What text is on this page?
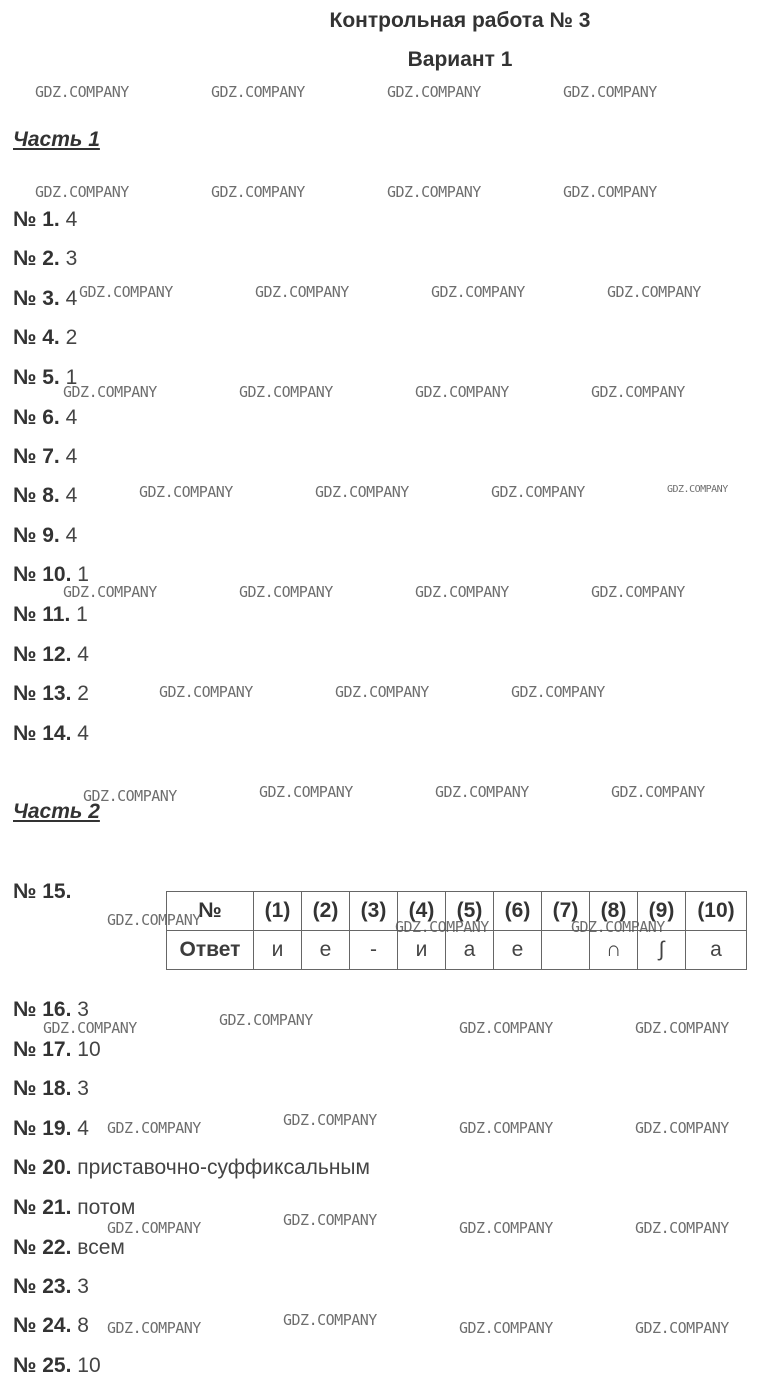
Контрольная работа № 3
Вариант 1
Часть 1
№ 1. 4
№ 2. 3
№ 3. 4
№ 4. 2
№ 5. 1
№ 6. 4
№ 7. 4
№ 8. 4
№ 9. 4
№ 10. 1
№ 11. 1
№ 12. 4
№ 13. 2
№ 14. 4
Часть 2
№ 15.
№	(1)	(2)	(3)	(4)	(5)	(6)	(7)	(8)	(9)	(10)
Ответ	и	е	-	и	а	е		∩	∫	а
№ 16. 3
№ 17. 10
№ 18. 3
№ 19. 4
№ 20. приставочно-суффиксальным
№ 21. потом
№ 22. всем
№ 23. 3
№ 24. 8
№ 25. 10
GDZ.COMPANY	GDZ.COMPANY	GDZ.COMPANY	GDZ.COMPANY
GDZ.COMPANY	GDZ.COMPANY	GDZ.COMPANY	GDZ.COMPANY
GDZ.COMPANY	GDZ.COMPANY	GDZ.COMPANY	GDZ.COMPANY
GDZ.COMPANY	GDZ.COMPANY	GDZ.COMPANY	GDZ.COMPANY
GDZ.COMPANY	GDZ.COMPANY	GDZ.COMPANY	GDZ.COMPANY
GDZ.COMPANY	GDZ.COMPANY	GDZ.COMPANY	GDZ.COMPANY
GDZ.COMPANY	GDZ.COMPANY	GDZ.COMPANY
GDZ.COMPANY	GDZ.COMPANY	GDZ.COMPANY	GDZ.COMPANY
GDZ.COMPANY	GDZ.COMPANY	GDZ.COMPANY
GDZ.COMPANY	GDZ.COMPANY	GDZ.COMPANY	GDZ.COMPANY
GDZ.COMPANY	GDZ.COMPANY	GDZ.COMPANY	GDZ.COMPANY
GDZ.COMPANY	GDZ.COMPANY	GDZ.COMPANY	GDZ.COMPANY
GDZ.COMPANY	GDZ.COMPANY	GDZ.COMPANY	GDZ.COMPANY
